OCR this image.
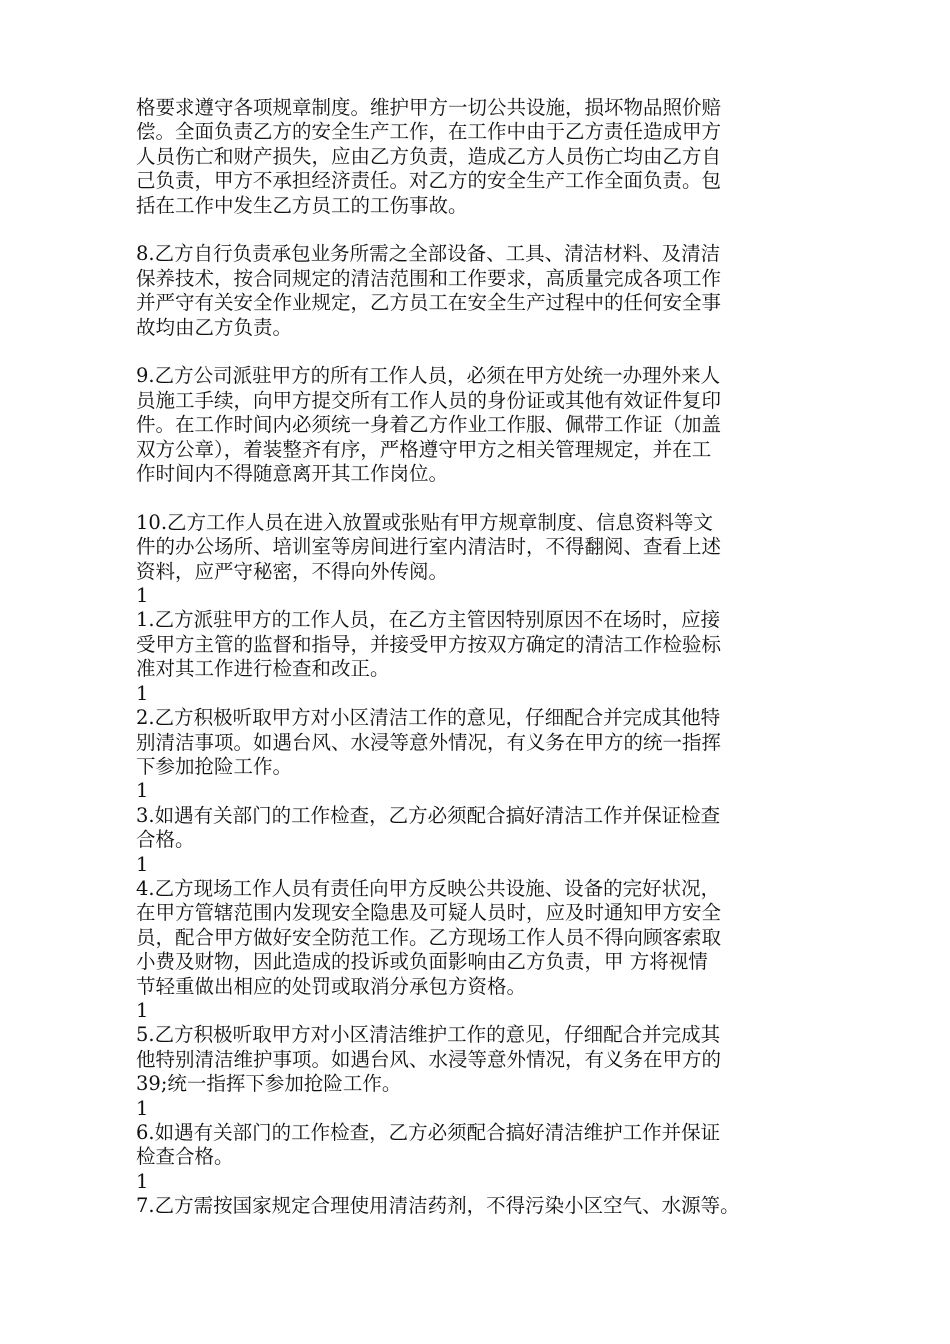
格要求遵守各项规章制度。维护甲方一切公共设施，损坏物品照价赔
偿。全面负责乙方的安全生产工作，在工作中由于乙方责任造成甲方
人员伤亡和财产损失，应由乙方负责，造成乙方人员伤亡均由乙方自
己负责，甲方不承担经济责任。对乙方的安全生产工作全面负责。包
括在工作中发生乙方员工的工伤事故。

8.乙方自行负责承包业务所需之全部设备、工具、清洁材料、及清洁
保养技术，按合同规定的清洁范围和工作要求，高质量完成各项工作
并严守有关安全作业规定，乙方员工在安全生产过程中的任何安全事
故均由乙方负责。

9.乙方公司派驻甲方的所有工作人员，必须在甲方处统一办理外来人
员施工手续，向甲方提交所有工作人员的身份证或其他有效证件复印
件。在工作时间内必须统一身着乙方作业工作服、佩带工作证（加盖
双方公章），着装整齐有序，严格遵守甲方之相关管理规定，并在工
作时间内不得随意离开其工作岗位。

10.乙方工作人员在进入放置或张贴有甲方规章制度、信息资料等文
件的办公场所、培训室等房间进行室内清洁时，不得翻阅、查看上述
资料，应严守秘密，不得向外传阅。

1

1.乙方派驻甲方的工作人员，在乙方主管因特别原因不在场时，应接
受甲方主管的监督和指导，并接受甲方按双方确定的清洁工作检验标
准对其工作进行检查和改正。

1

2.乙方积极听取甲方对小区清洁工作的意见，仔细配合并完成其他特
别清洁事项。如遇台风、水浸等意外情况，有义务在甲方的统一指挥
下参加抢险工作。

1

3.如遇有关部门的工作检查，乙方必须配合搞好清洁工作并保证检查
合格。

1

4.乙方现场工作人员有责任向甲方反映公共设施、设备的完好状况，
在甲方管辖范围内发现安全隐患及可疑人员时，应及时通知甲方安全
员，配合甲方做好安全防范工作。乙方现场工作人员不得向顾客索取
小费及财物，因此造成的投诉或负面影响由乙方负责，甲 方将视情
节轻重做出相应的处罚或取消分承包方资格。

1

5.乙方积极听取甲方对小区清洁维护工作的意见，仔细配合并完成其
他特别清洁维护事项。如遇台风、水浸等意外情况，有义务在甲方的
39;统一指挥下参加抢险工作。

1

6.如遇有关部门的工作检查，乙方必须配合搞好清洁维护工作并保证
检查合格。

1

7.乙方需按国家规定合理使用清洁药剂，不得污染小区空气、水源等。
